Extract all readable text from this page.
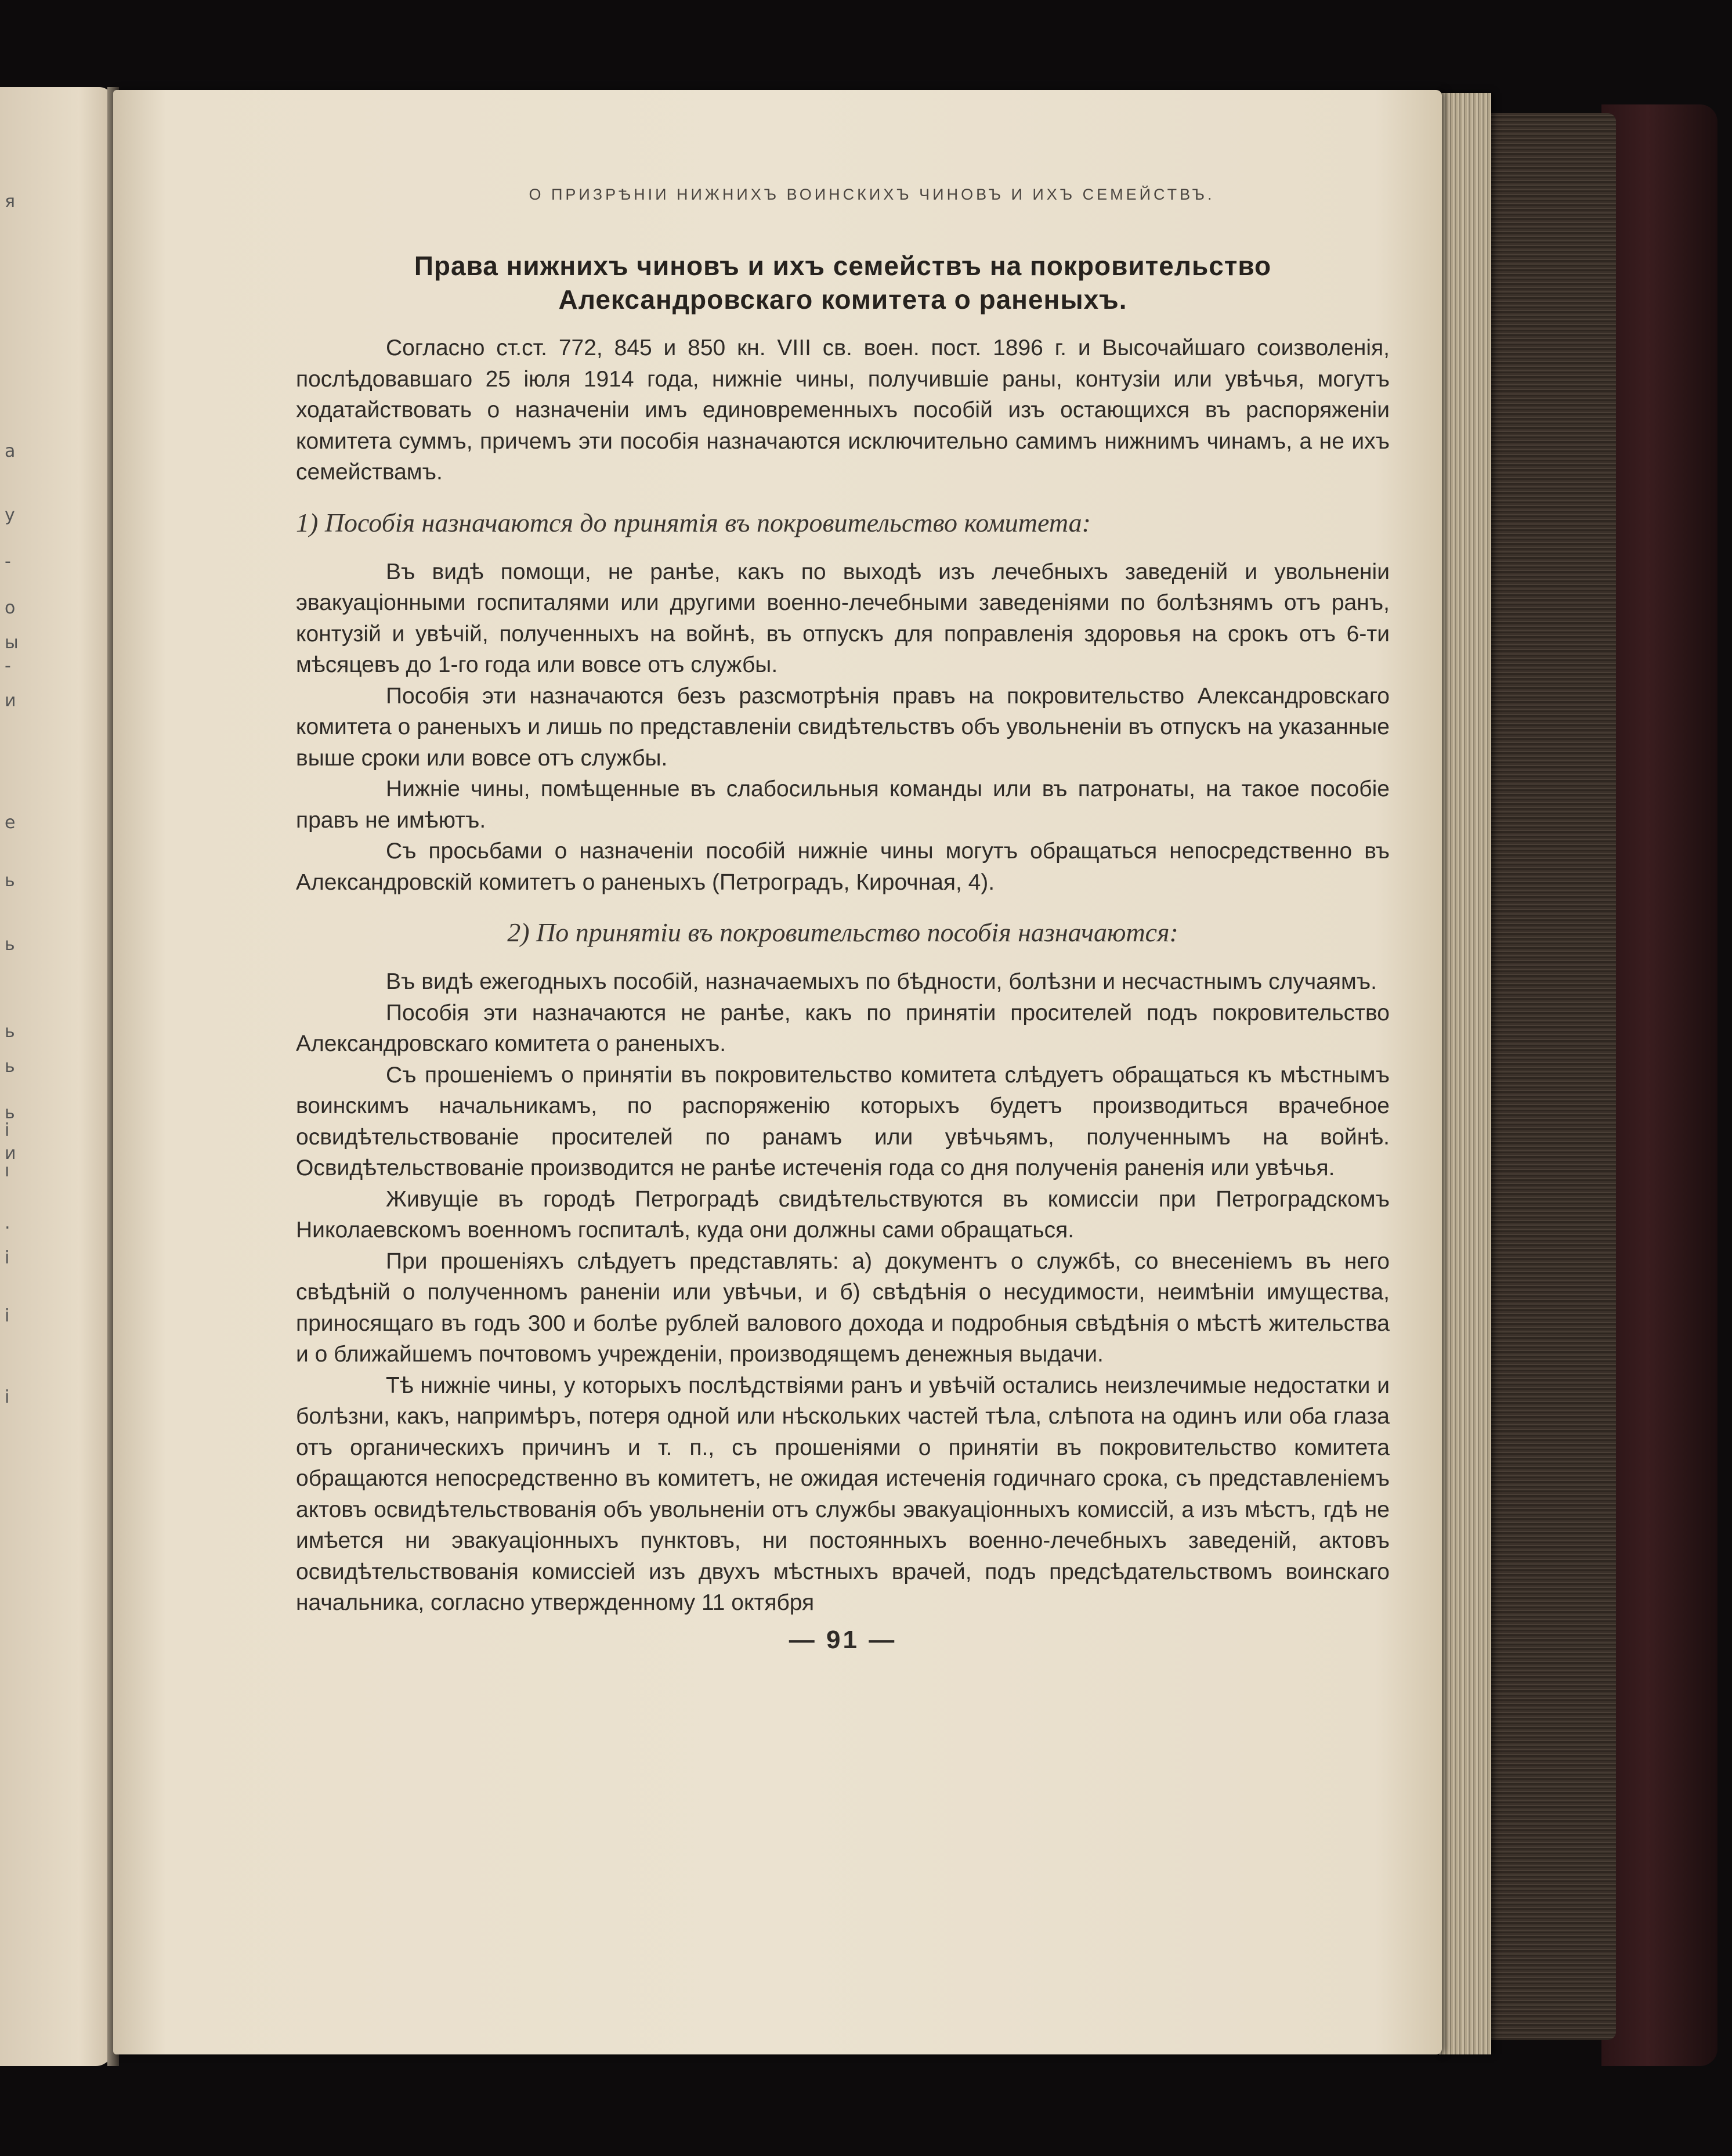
я
а
у
-
о
ы
-
и
е
ь
ь
ь
ь
ь
і
и
ı
.
і
і
і
О ПРИЗРѢНІИ НИЖНИХЪ ВОИНСКИХЪ ЧИНОВЪ И ИХЪ СЕМЕЙСТВЪ.
Права нижнихъ чиновъ и ихъ семействъ на покровительство Александровскаго комитета о раненыхъ.

Согласно ст.ст. 772, 845 и 850 кн. VIII св. воен. пост. 1896 г. и Высочайшаго соизволенія, послѣдовавшаго 25 іюля 1914 года, нижніе чины, получившіе раны, контузіи или увѣчья, могутъ ходатайствовать о назначеніи имъ единовременныхъ пособій изъ остающихся въ распоряженіи комитета суммъ, причемъ эти пособія назначаются исключительно самимъ нижнимъ чинамъ, а не ихъ семействамъ.

1) Пособія назначаются до принятія въ покровительство комитета:

Въ видѣ помощи, не ранѣе, какъ по выходѣ изъ лечебныхъ заведеній и увольненіи эвакуаціонными госпиталями или другими военно-лечебными заведеніями по болѣзнямъ отъ ранъ, контузій и увѣчій, полученныхъ на войнѣ, въ отпускъ для поправленія здоровья на срокъ отъ 6-ти мѣсяцевъ до 1-го года или вовсе отъ службы.

Пособія эти назначаются безъ разсмотрѣнія правъ на покровительство Александровскаго комитета о раненыхъ и лишь по представленіи свидѣтельствъ объ увольненіи въ отпускъ на указанные выше сроки или вовсе отъ службы.

Нижніе чины, помѣщенные въ слабосильныя команды или въ патронаты, на такое пособіе правъ не имѣютъ.

Съ просьбами о назначеніи пособій нижніе чины могутъ обращаться непосредственно въ Александровскій комитетъ о раненыхъ (Петроградъ, Кирочная, 4).

2) По принятіи въ покровительство пособія назначаются:

Въ видѣ ежегодныхъ пособій, назначаемыхъ по бѣдности, болѣзни и несчастнымъ случаямъ.

Пособія эти назначаются не ранѣе, какъ по принятіи просителей подъ покровительство Александровскаго комитета о раненыхъ.

Съ прошеніемъ о принятіи въ покровительство комитета слѣдуетъ обращаться къ мѣстнымъ воинскимъ начальникамъ, по распоряженію которыхъ будетъ производиться врачебное освидѣтельствованіе просителей по ранамъ или увѣчьямъ, полученнымъ на войнѣ. Освидѣтельствованіе производится не ранѣе истеченія года со дня полученія раненія или увѣчья.

Живущіе въ городѣ Петроградѣ свидѣтельствуются въ комиссіи при Петроградскомъ Николаевскомъ военномъ госпиталѣ, куда они должны сами обращаться.

При прошеніяхъ слѣдуетъ представлять: а) документъ о службѣ, со внесеніемъ въ него свѣдѣній о полученномъ раненіи или увѣчьи, и б) свѣдѣнія о несудимости, неимѣніи имущества, приносящаго въ годъ 300 и болѣе рублей валового дохода и подробныя свѣдѣнія о мѣстѣ жительства и о ближайшемъ почтовомъ учрежденіи, производящемъ денежныя выдачи.

Тѣ нижніе чины, у которыхъ послѣдствіями ранъ и увѣчій остались неизлечимые недостатки и болѣзни, какъ, напримѣръ, потеря одной или нѣскольких частей тѣла, слѣпота на одинъ или оба глаза отъ органическихъ причинъ и т. п., съ прошеніями о принятіи въ покровительство комитета обращаются непосредственно въ комитетъ, не ожидая истеченія годичнаго срока, съ представленіемъ актовъ освидѣтельствованія объ увольненіи отъ службы эвакуаціонныхъ комиссій, а изъ мѣстъ, гдѣ не имѣется ни эвакуаціонныхъ пунктовъ, ни постоянныхъ военно-лечебныхъ заведеній, актовъ освидѣтельствованія комиссіей изъ двухъ мѣстныхъ врачей, подъ предсѣдательствомъ воинскаго начальника, согласно утвержденному 11 октября

— 91 —
